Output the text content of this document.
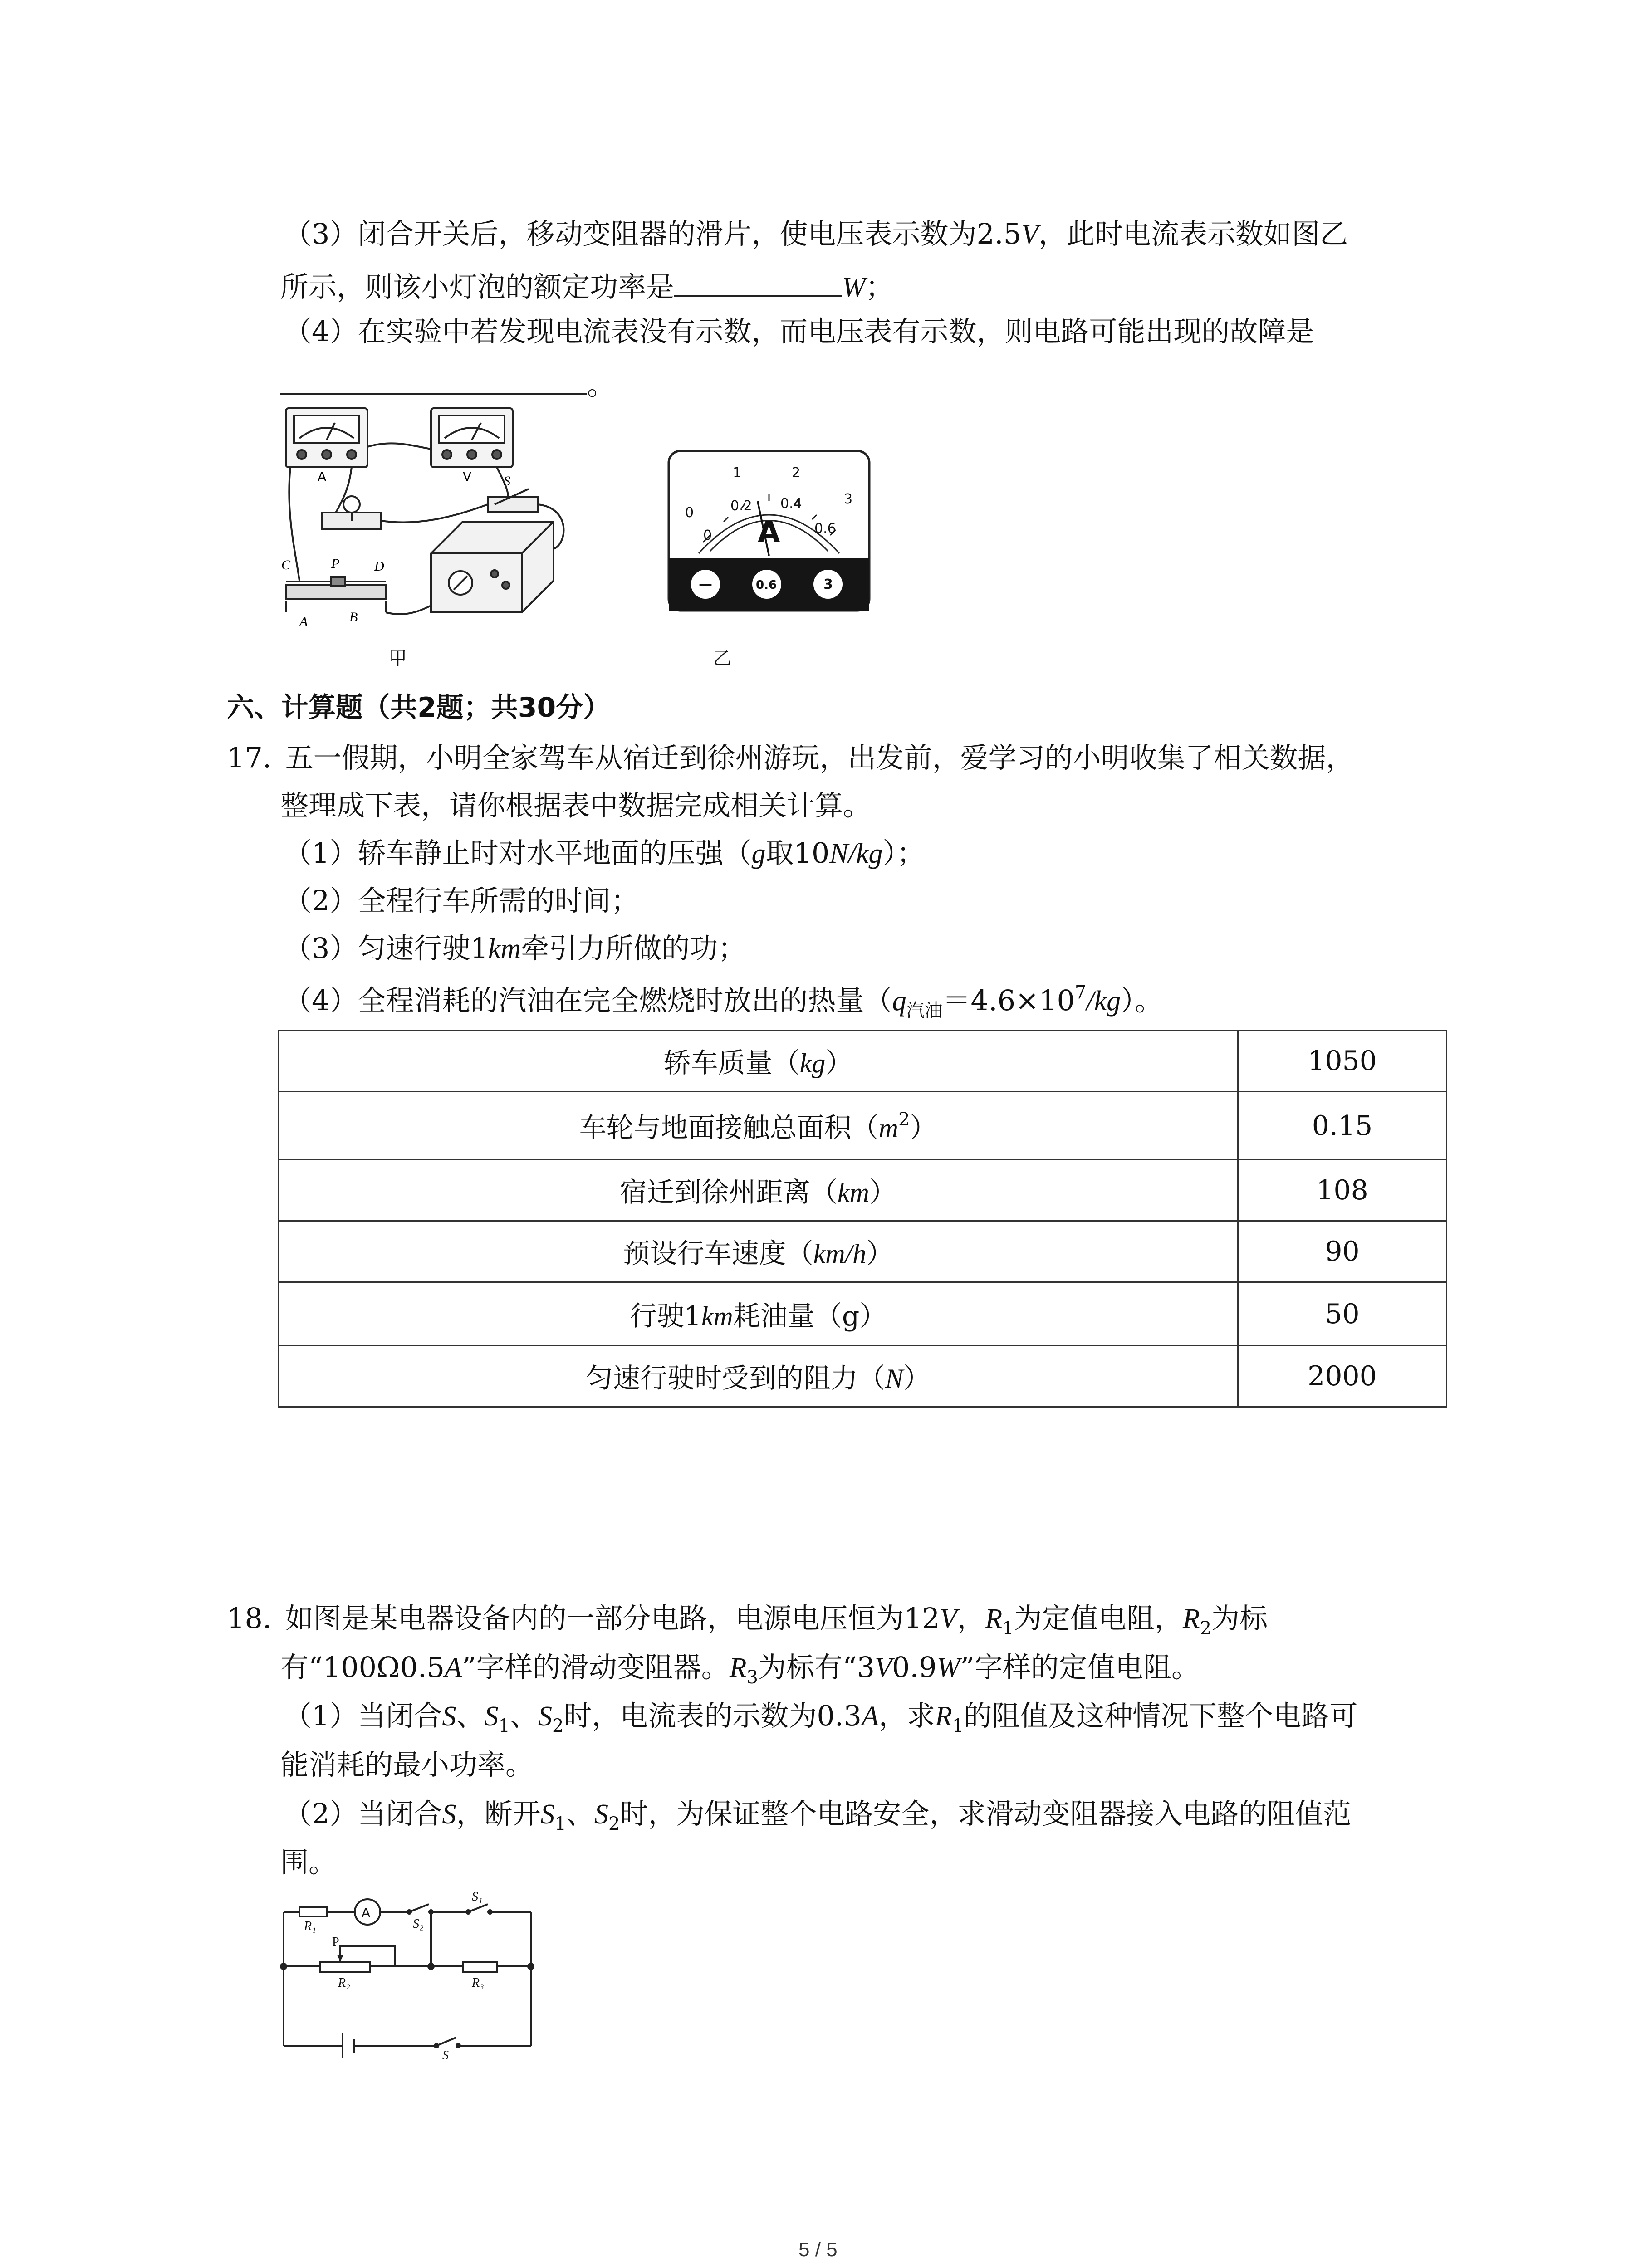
（3）闭合开关后，移动变阻器的滑片，使电压表示数为2.5V，此时电流表示数如图乙
所示，则该小灯泡的额定功率是	W；
（4）在实验中若发现电流表没有示数，而电压表有示数，则电路可能出现的故障是
。
A	V S
C	P	D
A	B
甲
0
1	2
3
0
0.2 0.4
0.6
A
—	0.6	3
乙
六、计算题（共2题；共30分）
17. 五一假期，小明全家驾车从宿迁到徐州游玩，出发前，爱学习的小明收集了相关数据，
整理成下表，请你根据表中数据完成相关计算。
（1）轿车静止时对水平地面的压强（g取10N/kg）；
（2）全程行车所需的时间；
（3）匀速行驶1km牵引力所做的功；
（4）全程消耗的汽油在完全燃烧时放出的热量$(q_{汽油}=4.6\times 10^7/kg)$。
轿车质量（kg）	1050
车轮与地面接触总面积$(m^2)$	0.15
宿迁到徐州距离（km）	108
预设行车速度（km/h）	90
行驶1km耗油量（g）	50
匀速行驶时受到的阻力（N）	2000
18. 如图是某电器设备内的一部分电路，电源电压恒为12V，$R_1$为定值电阻，$R_2$为标
有“100Ω0.5A”字样的滑动变阻器。$R_3$为标有“3V0.9W”字样的定值电阻。
（1）当闭合S、$S_1$、$S_2$时，电流表的示数为0.3A，求$R_1$的阻值及这种情况下整个电路可
能消耗的最小功率。
（2）当闭合S，断开$S_1$、$S_2$时，为保证整个电路安全，求滑动变阻器接入电路的阻值范
围。
R₁
A
S₂
S₁
P
R₂	R₃
S
5 / 5
